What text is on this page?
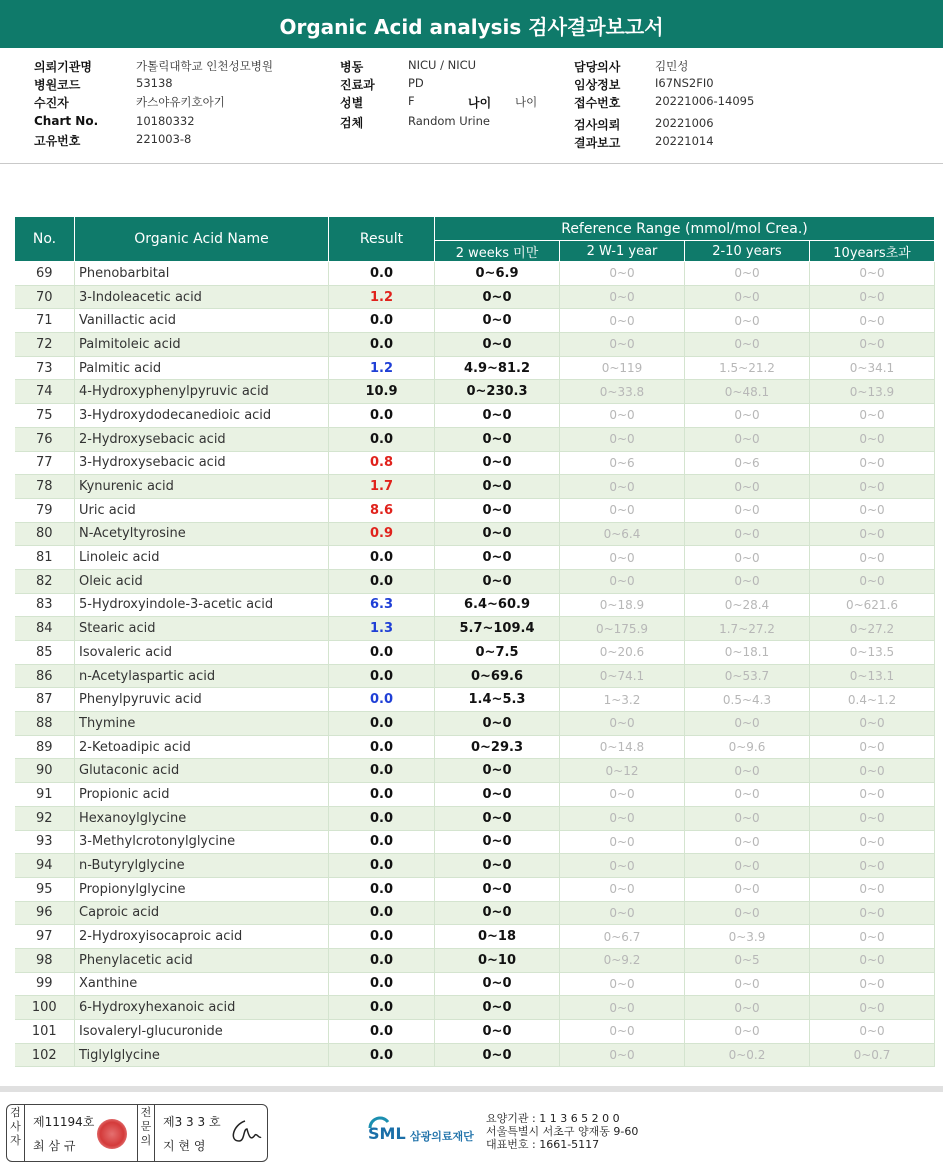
Organic Acid analysis 검사결과보고서
의뢰기관명	가톨릭대학교 인천성모병원
병원코드	53138
수진자	카스야유키호아기
Chart No.	10180332
고유번호	221003-8
병동	NICU / NICU
진료과	PD
성별	F
검체	Random Urine
나이 나이
담당의사	김민성
임상정보	I67NS2FI0
접수번호	20221006-14095
검사의뢰	20221006
결과보고	20221014
No.	Organic Acid Name	Result	Reference Range (mmol/mol Crea.)			
			2 weeks 미만	2 W-1 year	2-10 years	10years초과
69	Phenobarbital	0.0	0~6.9	0~0	0~0	0~0
70	3-Indoleacetic acid	1.2	0~0	0~0	0~0	0~0
71	Vanillactic acid	0.0	0~0	0~0	0~0	0~0
72	Palmitoleic acid	0.0	0~0	0~0	0~0	0~0
73	Palmitic acid	1.2	4.9~81.2	0~119	1.5~21.2	0~34.1
74	4-Hydroxyphenylpyruvic acid	10.9	0~230.3	0~33.8	0~48.1	0~13.9
75	3-Hydroxydodecanedioic acid	0.0	0~0	0~0	0~0	0~0
76	2-Hydroxysebacic acid	0.0	0~0	0~0	0~0	0~0
77	3-Hydroxysebacic acid	0.8	0~0	0~6	0~6	0~0
78	Kynurenic acid	1.7	0~0	0~0	0~0	0~0
79	Uric acid	8.6	0~0	0~0	0~0	0~0
80	N-Acetyltyrosine	0.9	0~0	0~6.4	0~0	0~0
81	Linoleic acid	0.0	0~0	0~0	0~0	0~0
82	Oleic acid	0.0	0~0	0~0	0~0	0~0
83	5-Hydroxyindole-3-acetic acid	6.3	6.4~60.9	0~18.9	0~28.4	0~621.6
84	Stearic acid	1.3	5.7~109.4	0~175.9	1.7~27.2	0~27.2
85	Isovaleric acid	0.0	0~7.5	0~20.6	0~18.1	0~13.5
86	n-Acetylaspartic acid	0.0	0~69.6	0~74.1	0~53.7	0~13.1
87	Phenylpyruvic acid	0.0	1.4~5.3	1~3.2	0.5~4.3	0.4~1.2
88	Thymine	0.0	0~0	0~0	0~0	0~0
89	2-Ketoadipic acid	0.0	0~29.3	0~14.8	0~9.6	0~0
90	Glutaconic acid	0.0	0~0	0~12	0~0	0~0
91	Propionic acid	0.0	0~0	0~0	0~0	0~0
92	Hexanoylglycine	0.0	0~0	0~0	0~0	0~0
93	3-Methylcrotonylglycine	0.0	0~0	0~0	0~0	0~0
94	n-Butyrylglycine	0.0	0~0	0~0	0~0	0~0
95	Propionylglycine	0.0	0~0	0~0	0~0	0~0
96	Caproic acid	0.0	0~0	0~0	0~0	0~0
97	2-Hydroxyisocaproic acid	0.0	0~18	0~6.7	0~3.9	0~0
98	Phenylacetic acid	0.0	0~10	0~9.2	0~5	0~0
99	Xanthine	0.0	0~0	0~0	0~0	0~0
100	6-Hydroxyhexanoic acid	0.0	0~0	0~0	0~0	0~0
101	Isovaleryl-glucuronide	0.0	0~0	0~0	0~0	0~0
102	Tiglylglycine	0.0	0~0	0~0	0~0.2	0~0.7
검사자
제11194호
최 삼 규
전문의
제3 3 3 호
지 현 영
SML 삼광의료재단
요양기관 : 1 1 3 6 5 2 0 0
서울특별시 서초구 양재동 9-60
대표번호 : 1661-5117
